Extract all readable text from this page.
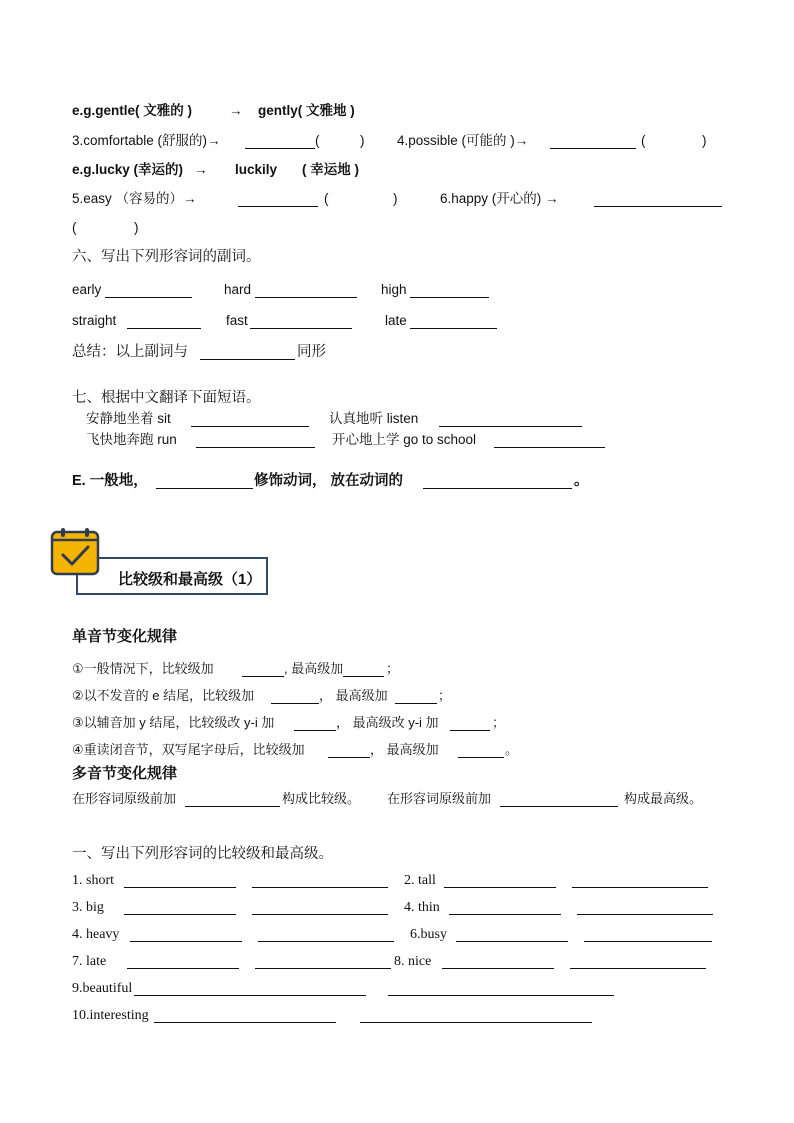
e.g.gentle( 文雅的 )	→ gently( 文雅地 )
3.comfortable (舒服的)→	(	) 4.possible (可能的 )→	(	)
e.g.lucky (幸运的) → luckily ( 幸运地 )
5.easy （容易的）→	(	)	6.happy (开心的) →
(	)
六、写出下列形容词的副词。
early	hard	high
straight	fast	late
总结：以上副词与	同形
七、根据中文翻译下面短语。
安静地坐着 sit	认真地听 listen
飞快地奔跑 run	开心地上学 go to school
E. 一般地，	修饰动词， 放在动词的	。
比较级和最高级（1）
单音节变化规律
①一般情况下，比较级加	, 最高级加	；
②以不发音的 e 结尾，比较级加	， 最高级加	；
③以辅音加 y 结尾，比较级改 y-i 加	， 最高级改 y-i 加	；
④重读闭音节，双写尾字母后，比较级加	， 最高级加	。
多音节变化规律
在形容词原级前加	构成比较级。 在形容词原级前加	构成最高级。
一、写出下列形容词的比较级和最高级。
1. short	2. tall
3. big	4. thin
4. heavy	6.busy
7. late	8. nice
9.beautiful
10.interesting
